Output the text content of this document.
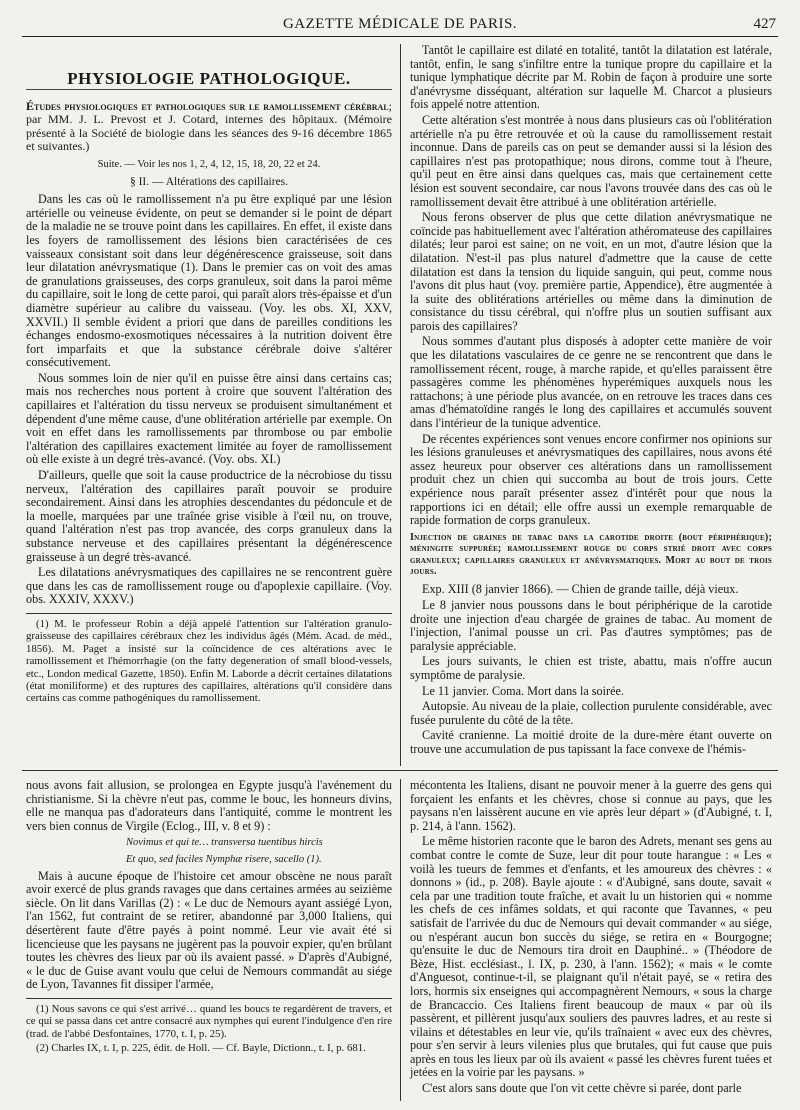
GAZETTE MÉDICALE DE PARIS.	427
PHYSIOLOGIE PATHOLOGIQUE.

Études physiologiques et pathologiques sur le ramollissement cérébral; par MM. J. L. Prevost et J. Cotard, internes des hôpitaux. (Mémoire présenté à la Société de biologie dans les séances des 9-16 décembre 1865 et suivantes.)

Suite. — Voir les nos 1, 2, 4, 12, 15, 18, 20, 22 et 24.

§ II. — Altérations des capillaires.

Dans les cas où le ramollissement n'a pu être expliqué par une lésion artérielle ou veineuse évidente, on peut se demander si le point de départ de la maladie ne se trouve point dans les capillaires. En effet, il existe dans les foyers de ramollissement des lésions bien caractérisées de ces vaisseaux consistant soit dans leur dégénérescence graisseuse, soit dans leur dilatation anévrysmatique (1). Dans le premier cas on voit des amas de granulations graisseuses, des corps granuleux, soit dans la paroi même du capillaire, soit le long de cette paroi, qui paraît alors très-épaisse et d'un diamètre supérieur au calibre du vaisseau. (Voy. les obs. XI, XXV, XXVII.) Il semble évident a priori que dans de pareilles conditions les échanges endosmo-exosmotiques nécessaires à la nutrition doivent être fort imparfaits et que la substance cérébrale doive s'altérer consécutivement.

Nous sommes loin de nier qu'il en puisse être ainsi dans certains cas; mais nos recherches nous portent à croire que souvent l'altération des capillaires et l'altération du tissu nerveux se produisent simultanément et dépendent d'une même cause, d'une oblitération artérielle par exemple. On voit en effet dans les ramollissements par thrombose ou par embolie l'altération des capillaires exactement limitée au foyer de ramollissement où elle existe à un degré très-avancé. (Voy. obs. XI.)

D'ailleurs, quelle que soit la cause productrice de la nécrobiose du tissu nerveux, l'altération des capillaires paraît pouvoir se produire secondairement. Ainsi dans les atrophies descendantes du pédoncule et de la moelle, marquées par une traînée grise visible à l'œil nu, on trouve, quand l'altération n'est pas trop avancée, des corps granuleux dans la substance nerveuse et des capillaires présentant la dégénérescence graisseuse à un degré très-avancé.

Les dilatations anévrysmatiques des capillaires ne se rencontrent guère que dans les cas de ramollissement rouge ou d'apoplexie capillaire. (Voy. obs. XXXIV, XXXV.)

(1) M. le professeur Robin a déjà appelé l'attention sur l'altération granulo-graisseuse des capillaires cérébraux chez les individus âgés (Mém. Acad. de méd., 1856). M. Paget a insisté sur la coïncidence de ces altérations avec le ramollissement et l'hémorrhagie (on the fatty degeneration of small blood-vessels, etc., London medical Gazette, 1850). Enfin M. Laborde a décrit certaines dilatations (état moniliforme) et des ruptures des capillaires, altérations qu'il considère dans certains cas comme pathogéniques du ramollissement.

Tantôt le capillaire est dilaté en totalité, tantôt la dilatation est latérale, tantôt, enfin, le sang s'infiltre entre la tunique propre du capillaire et la tunique lymphatique décrite par M. Robin de façon à produire une sorte d'anévrysme disséquant, altération sur laquelle M. Charcot a plusieurs fois appelé notre attention.

Cette altération s'est montrée à nous dans plusieurs cas où l'oblitération artérielle n'a pu être retrouvée et où la cause du ramollissement restait inconnue. Dans de pareils cas on peut se demander aussi si la lésion des capillaires n'est pas protopathique; nous dirons, comme tout à l'heure, qu'il peut en être ainsi dans quelques cas, mais que certainement cette lésion est souvent secondaire, car nous l'avons trouvée dans des cas où le ramollissement devait être attribué à une oblitération artérielle.

Nous ferons observer de plus que cette dilation anévrysmatique ne coïncide pas habituellement avec l'altération athéromateuse des capillaires dilatés; leur paroi est saine; on ne voit, en un mot, d'autre lésion que la dilatation. N'est-il pas plus naturel d'admettre que la cause de cette dilatation est dans la tension du liquide sanguin, qui peut, comme nous l'avons dit plus haut (voy. première partie, Appendice), être augmentée à la suite des oblitérations artérielles ou même dans la diminution de consistance du tissu cérébral, qui n'offre plus un soutien suffisant aux parois des capillaires?

Nous sommes d'autant plus disposés à adopter cette manière de voir que les dilatations vasculaires de ce genre ne se rencontrent que dans le ramollissement récent, rouge, à marche rapide, et qu'elles paraissent être passagères comme les phénomènes hyperémiques auxquels nous les rattachons; à une période plus avancée, on en retrouve les traces dans ces amas d'hématoïdine rangés le long des capillaires et accumulés souvent dans l'intérieur de la tunique adventice.

De récentes expériences sont venues encore confirmer nos opinions sur les lésions granuleuses et anévrysmatiques des capillaires, nous avons été assez heureux pour observer ces altérations dans un ramollissement produit chez un chien qui succomba au bout de trois jours. Cette expérience nous paraît présenter assez d'intérêt pour que nous la rapportions ici en détail; elle offre aussi un exemple remarquable de rapide formation de corps granuleux.

Injection de graines de tabac dans la carotide droite (bout périphérique); méningite suppurée; ramollissement rouge du corps strié droit avec corps granuleux; capillaires granuleux et anévrysmatiques. Mort au bout de trois jours.

Exp. XIII (8 janvier 1866). — Chien de grande taille, déjà vieux.

Le 8 janvier nous poussons dans le bout périphérique de la carotide droite une injection d'eau chargée de graines de tabac. Au moment de l'injection, l'animal pousse un cri. Pas d'autres symptômes; pas de paralysie appréciable.

Les jours suivants, le chien est triste, abattu, mais n'offre aucun symptôme de paralysie.

Le 11 janvier. Coma. Mort dans la soirée.

Autopsie. Au niveau de la plaie, collection purulente considérable, avec fusée purulente du côté de la tête.

Cavité cranienne. La moitié droite de la dure-mère étant ouverte on trouve une accumulation de pus tapissant la face convexe de l'hémis-

nous avons fait allusion, se prolongea en Egypte jusqu'à l'avénement du christianisme. Si la chèvre n'eut pas, comme le bouc, les honneurs divins, elle ne manqua pas d'adorateurs dans l'antiquité, comme le montrent les vers bien connus de Virgile (Eclog., III, v. 8 et 9) :

Novimus et qui te… transversa tuentibus hircis

Et quo, sed faciles Nymphæ risere, sacello (1).

Mais à aucune époque de l'histoire cet amour obscène ne nous paraît avoir exercé de plus grands ravages que dans certaines armées au seizième siècle. On lit dans Varillas (2) : « Le duc de Nemours ayant assiégé Lyon, l'an 1562, fut contraint de se retirer, abandonné par 3,000 Italiens, qui désertèrent faute d'être payés à point nommé. Leur vie avait été si licencieuse que les paysans ne jugèrent pas la pouvoir expier, qu'en brûlant toutes les chèvres des lieux par où ils avaient passé. » D'après d'Aubigné, « le duc de Guise avant voulu que celui de Nemours commandât au siége de Lyon, Tavannes fit dissiper l'armée,

(1) Nous savons ce qui s'est arrivé… quand les boucs te regardèrent de travers, et ce qui se passa dans cet antre consacré aux nymphes qui eurent l'indulgence d'en rire (trad. de l'abbé Desfontaines, 1770, t. I, p. 25).

(2) Charles IX, t. I, p. 225, édit. de Holl. — Cf. Bayle, Dictionn., t. I, p. 681.

mécontenta les Italiens, disant ne pouvoir mener à la guerre des gens qui forçaient les enfants et les chèvres, chose si connue au pays, que les paysans n'en laissèrent aucune en vie après leur départ » (d'Aubigné, t. I, p. 214, à l'ann. 1562).

Le même historien raconte que le baron des Adrets, menant ses gens au combat contre le comte de Suze, leur dit pour toute harangue : « Les « voilà les tueurs de femmes et d'enfants, et les amoureux des chèvres : « donnons » (id., p. 208). Bayle ajoute : « d'Aubigné, sans doute, savait « cela par une tradition toute fraîche, et avait lu un historien qui « nomme les chefs de ces infâmes soldats, et qui raconte que Tavannes, « peu satisfait de l'arrivée du duc de Nemours qui devait commander « au siége, ou n'espérant aucun bon succès du siége, se retira en « Bourgogne; qu'ensuite le duc de Nemours tira droit en Dauphiné.. » (Théodore de Bèze, Hist. ecclésiast., l. IX, p. 230, à l'ann. 1562); « mais « le comte d'Anguesot, continue-t-il, se plaignant qu'il n'était payé, se « retira des lors, hormis six enseignes qui accompagnèrent Nemours, « sous la charge de Brancaccio. Ces Italiens firent beaucoup de maux « par où ils passèrent, et pillèrent jusqu'aux souliers des pauvres ladres, et au reste si vilains et détestables en leur vie, qu'ils traînaient « avec eux des chèvres, pour s'en servir à leurs vilenies plus que brutales, qui fut cause que puis après en tous les lieux par où ils avaient « passé les chèvres furent tuées et jetées en la voirie par les paysans. »

C'est alors sans doute que l'on vit cette chèvre si parée, dont parle
